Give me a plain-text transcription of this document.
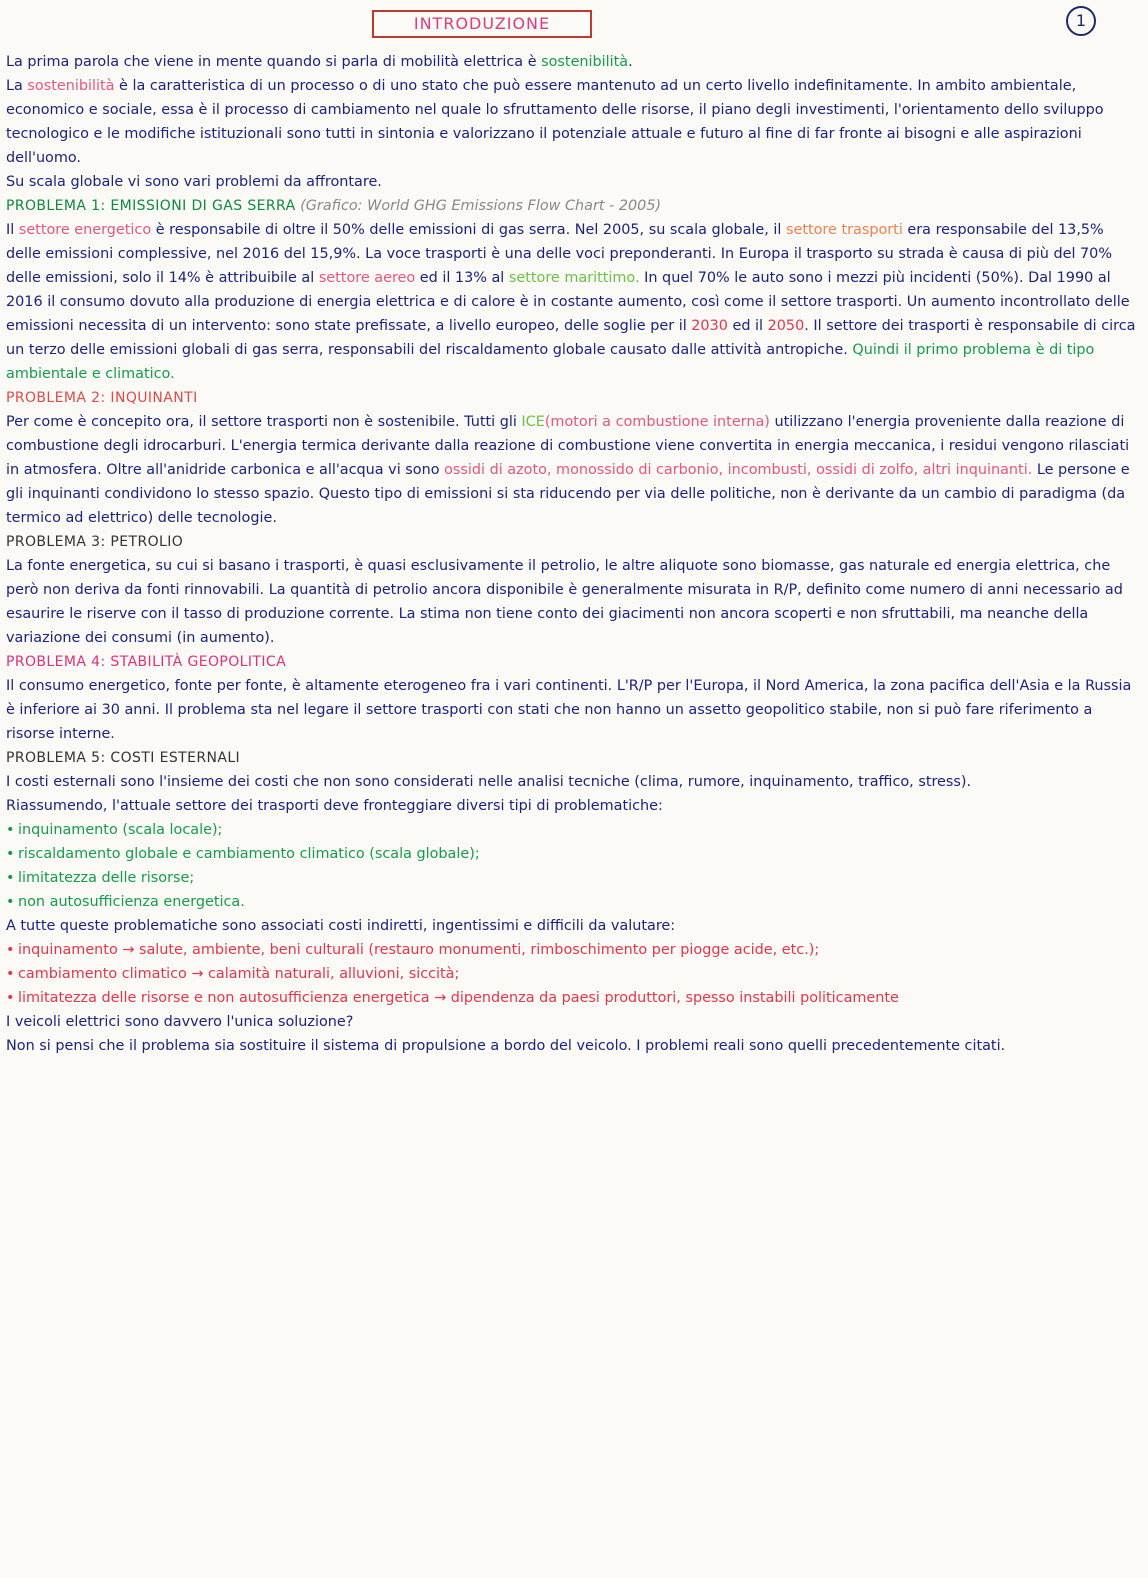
INTRODUZIONE	1

La prima parola che viene in mente quando si parla di mobilità elettrica è sostenibilità.

La sostenibilità è la caratteristica di un processo o di uno stato che può essere mantenuto ad un certo livello indefinitamente. In ambito ambientale, economico e sociale, essa è il processo di cambiamento nel quale lo sfruttamento delle risorse, il piano degli investimenti, l'orientamento dello sviluppo tecnologico e le modifiche istituzionali sono tutti in sintonia e valorizzano il potenziale attuale e futuro al fine di far fronte ai bisogni e alle aspirazioni dell'uomo.

Su scala globale vi sono vari problemi da affrontare.

PROBLEMA 1: EMISSIONI DI GAS SERRA (Grafico: World GHG Emissions Flow Chart - 2005)

Il settore energetico è responsabile di oltre il 50% delle emissioni di gas serra. Nel 2005, su scala globale, il settore trasporti era responsabile del 13,5% delle emissioni complessive, nel 2016 del 15,9%. La voce trasporti è una delle voci preponderanti. In Europa il trasporto su strada è causa di più del 70% delle emissioni, solo il 14% è attribuibile al settore aereo ed il 13% al settore marittimo. In quel 70% le auto sono i mezzi più incidenti (50%). Dal 1990 al 2016 il consumo dovuto alla produzione di energia elettrica e di calore è in costante aumento, così come il settore trasporti. Un aumento incontrollato delle emissioni necessita di un intervento: sono state prefissate, a livello europeo, delle soglie per il 2030 ed il 2050. Il settore dei trasporti è responsabile di circa un terzo delle emissioni globali di gas serra, responsabili del riscaldamento globale causato dalle attività antropiche. Quindi il primo problema è di tipo ambientale e climatico.

PROBLEMA 2: INQUINANTI

Per come è concepito ora, il settore trasporti non è sostenibile. Tutti gli ICE(motori a combustione interna) utilizzano l'energia proveniente dalla reazione di combustione degli idrocarburi. L'energia termica derivante dalla reazione di combustione viene convertita in energia meccanica, i residui vengono rilasciati in atmosfera. Oltre all'anidride carbonica e all'acqua vi sono ossidi di azoto, monossido di carbonio, incombusti, ossidi di zolfo, altri inquinanti. Le persone e gli inquinanti condividono lo stesso spazio. Questo tipo di emissioni si sta riducendo per via delle politiche, non è derivante da un cambio di paradigma (da termico ad elettrico) delle tecnologie.

PROBLEMA 3: PETROLIO

La fonte energetica, su cui si basano i trasporti, è quasi esclusivamente il petrolio, le altre aliquote sono biomasse, gas naturale ed energia elettrica, che però non deriva da fonti rinnovabili. La quantità di petrolio ancora disponibile è generalmente misurata in R/P, definito come numero di anni necessario ad esaurire le riserve con il tasso di produzione corrente. La stima non tiene conto dei giacimenti non ancora scoperti e non sfruttabili, ma neanche della variazione dei consumi (in aumento).

PROBLEMA 4: STABILITÀ GEOPOLITICA

Il consumo energetico, fonte per fonte, è altamente eterogeneo fra i vari continenti. L'R/P per l'Europa, il Nord America, la zona pacifica dell'Asia e la Russia è inferiore ai 30 anni. Il problema sta nel legare il settore trasporti con stati che non hanno un assetto geopolitico stabile, non si può fare riferimento a risorse interne.

PROBLEMA 5: COSTI ESTERNALI

I costi esternali sono l'insieme dei costi che non sono considerati nelle analisi tecniche (clima, rumore, inquinamento, traffico, stress).

Riassumendo, l'attuale settore dei trasporti deve fronteggiare diversi tipi di problematiche:

• inquinamento (scala locale);
• riscaldamento globale e cambiamento climatico (scala globale);
• limitatezza delle risorse;
• non autosufficienza energetica.

A tutte queste problematiche sono associati costi indiretti, ingentissimi e difficili da valutare:

• inquinamento → salute, ambiente, beni culturali (restauro monumenti, rimboschimento per piogge acide, etc.);
• cambiamento climatico → calamità naturali, alluvioni, siccità;
• limitatezza delle risorse e non autosufficienza energetica → dipendenza da paesi produttori, spesso instabili politicamente

I veicoli elettrici sono davvero l'unica soluzione?

Non si pensi che il problema sia sostituire il sistema di propulsione a bordo del veicolo. I problemi reali sono quelli precedentemente citati.
